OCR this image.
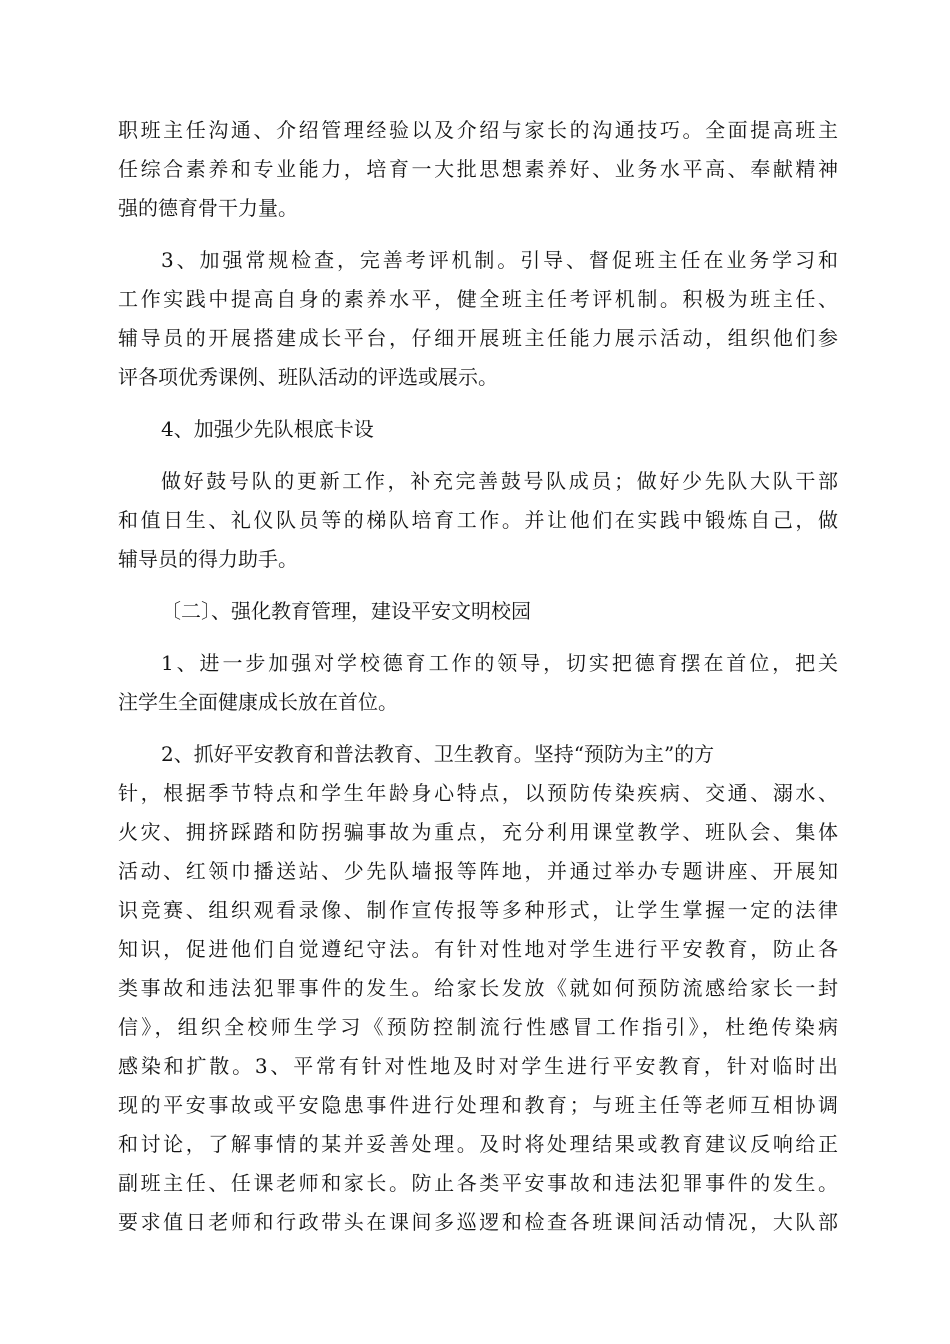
职班主任沟通、介绍管理经验以及介绍与家长的沟通技巧。全面提高班主
任综合素养和专业能力，培育一大批思想素养好、业务水平高、奉献精神
强的德育骨干力量。
3、加强常规检查，完善考评机制。引导、督促班主任在业务学习和
工作实践中提高自身的素养水平，健全班主任考评机制。积极为班主任、
辅导员的开展搭建成长平台，仔细开展班主任能力展示活动，组织他们参
评各项优秀课例、班队活动的评选或展示。
4、加强少先队根底卡设
做好鼓号队的更新工作，补充完善鼓号队成员；做好少先队大队干部
和值日生、礼仪队员等的梯队培育工作。并让他们在实践中锻炼自己，做
辅导员的得力助手。
〔二〕、强化教育管理，建设平安文明校园
1、进一步加强对学校德育工作的领导，切实把德育摆在首位，把关
注学生全面健康成长放在首位。
2、抓好平安教育和普法教育、卫生教育。坚持“预防为主”的方
针，根据季节特点和学生年龄身心特点，以预防传染疾病、交通、溺水、
火灾、拥挤踩踏和防拐骗事故为重点，充分利用课堂教学、班队会、集体
活动、红领巾播送站、少先队墙报等阵地，并通过举办专题讲座、开展知
识竞赛、组织观看录像、制作宣传报等多种形式，让学生掌握一定的法律
知识，促进他们自觉遵纪守法。有针对性地对学生进行平安教育，防止各
类事故和违法犯罪事件的发生。给家长发放《就如何预防流感给家长一封
信》，组织全校师生学习《预防控制流行性感冒工作指引》，杜绝传染病
感染和扩散。3、平常有针对性地及时对学生进行平安教育，针对临时出
现的平安事故或平安隐患事件进行处理和教育；与班主任等老师互相协调
和讨论，了解事情的某并妥善处理。及时将处理结果或教育建议反响给正
副班主任、任课老师和家长。防止各类平安事故和违法犯罪事件的发生。
要求值日老师和行政带头在课间多巡逻和检查各班课间活动情况，大队部
